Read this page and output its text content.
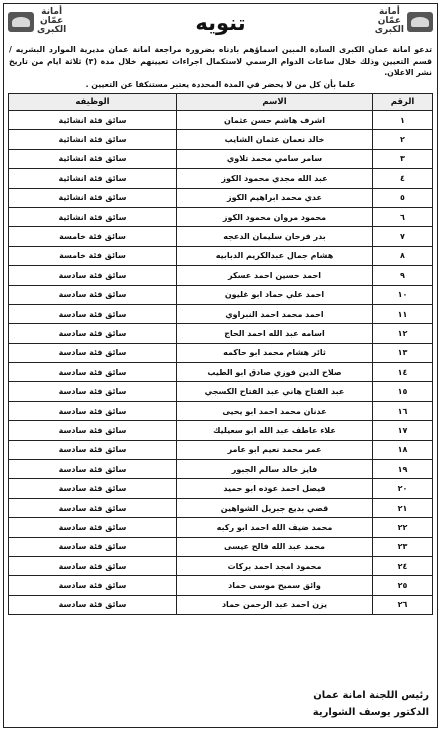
أمانة
عمّان
الكبرى
تنويه
أمانة
عمّان
الكبرى
تدعو امانة عمان الكبرى السادة المبين اسماؤهم بادناه بضرورة مراجعة امانة عمان مديرية الموارد البشريه / قسم التعيين وذلك خلال ساعات الدوام الرسمي لاستكمال اجراءات تعيينهم خلال مدة (٣) ثلاثة ايام من تاريخ نشر الاعلان.
علما بأن كل من لا يحضر في المدة المحددة يعتبر مستنكفا عن التعيين .
الرقم	الاسم	الوظيفه
١	اشرف هاشم حسن عثمان	سائق فئة انشائية
٢	خالد نعمان عثمان الشايب	سائق فئة انشائية
٣	سامر سامي محمد تلاوي	سائق فئة انشائية
٤	عبد الله مجدي محمود الكوز	سائق فئة انشائية
٥	عدي محمد ابراهيم الكوز	سائق فئة انشائية
٦	محمود مروان محمود الكوز	سائق فئة انشائية
٧	بدر فرحان سليمان الدعجه	سائق فئة خامسة
٨	هشام جمال عبدالكريم الدبابيه	سائق فئة خامسة
٩	احمد حسين احمد عسكر	سائق فئة سادسة
١٠	احمد علي حماد ابو غليون	سائق فئة سادسة
١١	احمد محمد احمد النبراوي	سائق فئة سادسة
١٢	اسامه عبد الله احمد الحاج	سائق فئة سادسة
١٣	ثائر هشام محمد ابو حاكمه	سائق فئة سادسة
١٤	صلاح الدين فوزي صادق ابو الطيب	سائق فئة سادسة
١٥	عبد الفتاح هاني عبد الفتاح الكسجي	سائق فئة سادسة
١٦	عدنان محمد احمد ابو يحيى	سائق فئة سادسة
١٧	علاء عاطف عبد الله ابو سعيليك	سائق فئة سادسة
١٨	عمر محمد نعيم ابو عامر	سائق فئة سادسة
١٩	فايز خالد سالم الجبور	سائق فئة سادسة
٢٠	فيصل احمد عوده ابو حميد	سائق فئة سادسة
٢١	قصي بديع جبريل الشواهين	سائق فئة سادسة
٢٢	محمد ضيف الله احمد ابو ركبه	سائق فئة سادسة
٢٣	محمد عبد الله فالح عيسى	سائق فئة سادسة
٢٤	محمود امجد احمد بركات	سائق فئة سادسة
٢٥	وائق سميح موسى حماد	سائق فئة سادسة
٢٦	يزن احمد عبد الرحمن حماد	سائق فئة سادسة
رئيس اللجنة امانة عمان
الدكتور يوسف الشوارية
